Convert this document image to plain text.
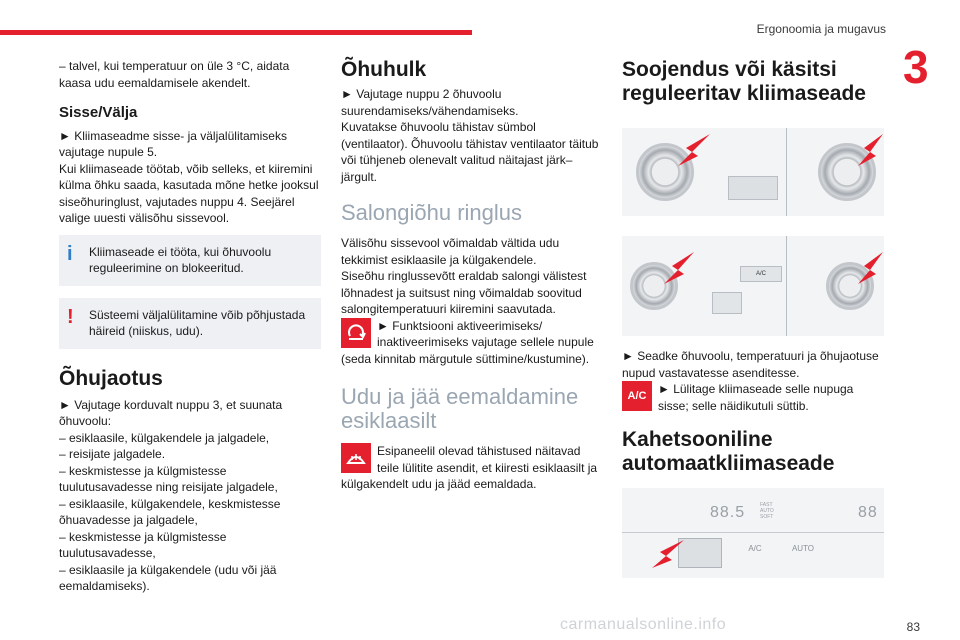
Ergonoomia ja mugavus
3

– talvel, kui temperatuur on üle 3 °C, aidata kaasa udu eemaldamisele akendelt.

Sisse/Välja

► Kliimaseadme sisse- ja väljalülitamiseks vajutage nupule 5.

Kui kliimaseade töötab, võib selleks, et kiiremini külma õhku saada, kasutada mõne hetke jooksul siseõhuringlust, vajutades nuppu 4. Seejärel valige uuesti välisõhu sissevool.

i Kliimaseade ei tööta, kui õhuvoolu reguleerimine on blokeeritud.
! Süsteemi väljalülitamine võib põhjustada häireid (niiskus, udu).
Õhujaotus

► Vajutage korduvalt nuppu 3, et suunata õhuvoolu:

– esiklaasile, külgakendele ja jalgadele,

– reisijate jalgadele.

– keskmistesse ja külgmistesse tuulutusavadesse ning reisijate jalgadele,

– esiklaasile, külgakendele, keskmistesse õhuavadesse ja jalgadele,

– keskmistesse ja külgmistesse tuulutusavadesse,

– esiklaasile ja külgakendele (udu või jää eemaldamiseks).

Õhuhulk

► Vajutage nuppu 2 õhuvoolu suurendamiseks/vähendamiseks.

Kuvatakse õhuvoolu tähistav sümbol (ventilaator). Õhuvoolu tähistav ventilaator täitub või tühjeneb olenevalt valitud näitajast järk–järgult.

Salongiõhu ringlus

Välisõhu sissevool võimaldab vältida udu tekkimist esiklaasile ja külgakendele.

Siseõhu ringlussevõtt eraldab salongi välistest lõhnadest ja suitsust ning võimaldab soovitud salongitemperatuuri kiiremini saavutada.

► Funktsiooni aktiveerimiseks/ inaktiveerimiseks vajutage sellele nupule (seda kinnitab märgutule süttimine/kustumine).

Udu ja jää eemaldamine
esiklaasilt

Esipaneelil olevad tähistused näitavad teile lülitite asendit, et kiiresti esiklaasilt ja külgakendelt udu ja jääd eemaldada.

Soojendus või käsitsi
reguleeritav kliimaseade
A/C

► Seadke õhuvoolu, temperatuuri ja õhujaotuse nupud vastavatesse asenditesse.

A/C ► Lülitage kliimaseade selle nupuga sisse; selle näidikutuli süttib.

Kahetsooniline
automaatkliimaseade
88.5	FAST
AUTO
SOFT	88
A/C	AUTO
carmanualsonline.info	83
